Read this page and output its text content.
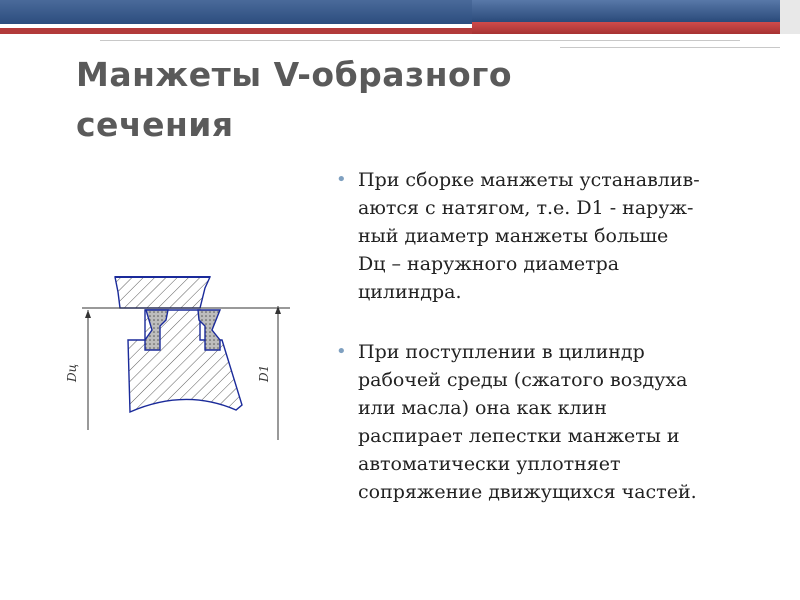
Манжеты V-образного
сечения
• При сборке манжеты устанавлив-
аются с натягом, т.е. D1 - наруж-
ный диаметр манжеты больше
Dц – наружного диаметра
цилиндра.
• При поступлении в цилиндр
рабочей среды (сжатого воздуха
или масла) она как клин
распирает лепестки манжеты и
автоматически уплотняет
сопряжение движущихся частей.
Dц	D1
